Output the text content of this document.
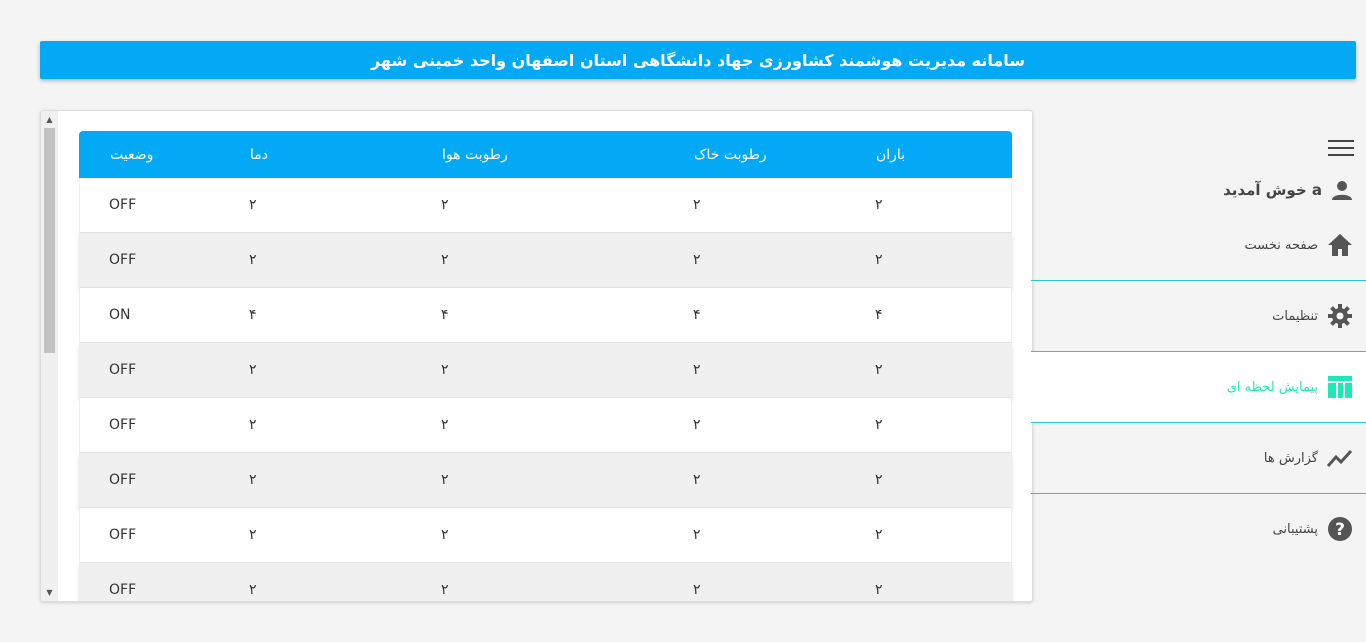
سامانه مدیریت هوشمند کشاورزی جهاد دانشگاهی استان اصفهان واحد خمینی شهر
▲
▼
باران
رطوبت خاک
رطوبت هوا
دما
وضعیت
۲
۲
۲
۲
OFF
۲
۲
۲
۲
OFF
۴
۴
۴
۴
ON
۲
۲
۲
۲
OFF
۲
۲
۲
۲
OFF
۲
۲
۲
۲
OFF
۲
۲
۲
۲
OFF
۲
۲
۲
۲
OFF
a خوش آمدید
صفحه نخست
تنظیمات
پیمایش لحظه ای
گزارش ها
?
پشتیبانی
